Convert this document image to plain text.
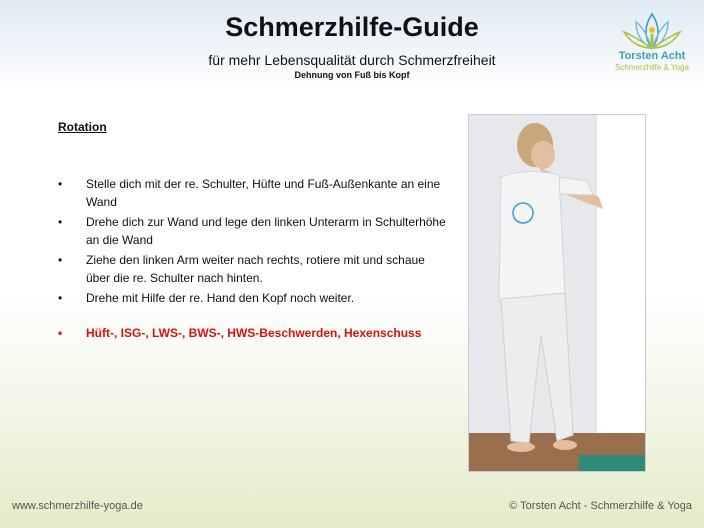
Schmerzhilfe-Guide
für mehr Lebensqualität durch Schmerzfreiheit
Dehnung von Fuß bis Kopf
Torsten Acht
Schmerzhilfe & Yoga
Rotation
• Stelle dich mit der re. Schulter, Hüfte und Fuß-Außenkante an eine Wand
• Drehe dich zur Wand und lege den linken Unterarm in Schulterhöhe an die Wand
• Ziehe den linken Arm weiter nach rechts, rotiere mit und schaue über die re. Schulter nach hinten.
• Drehe mit Hilfe der re. Hand den Kopf noch weiter.
• Hüft-, ISG-, LWS-, BWS-, HWS-Beschwerden, Hexenschuss
www.schmerzhilfe-yoga.de	© Torsten Acht - Schmerzhilfe & Yoga
